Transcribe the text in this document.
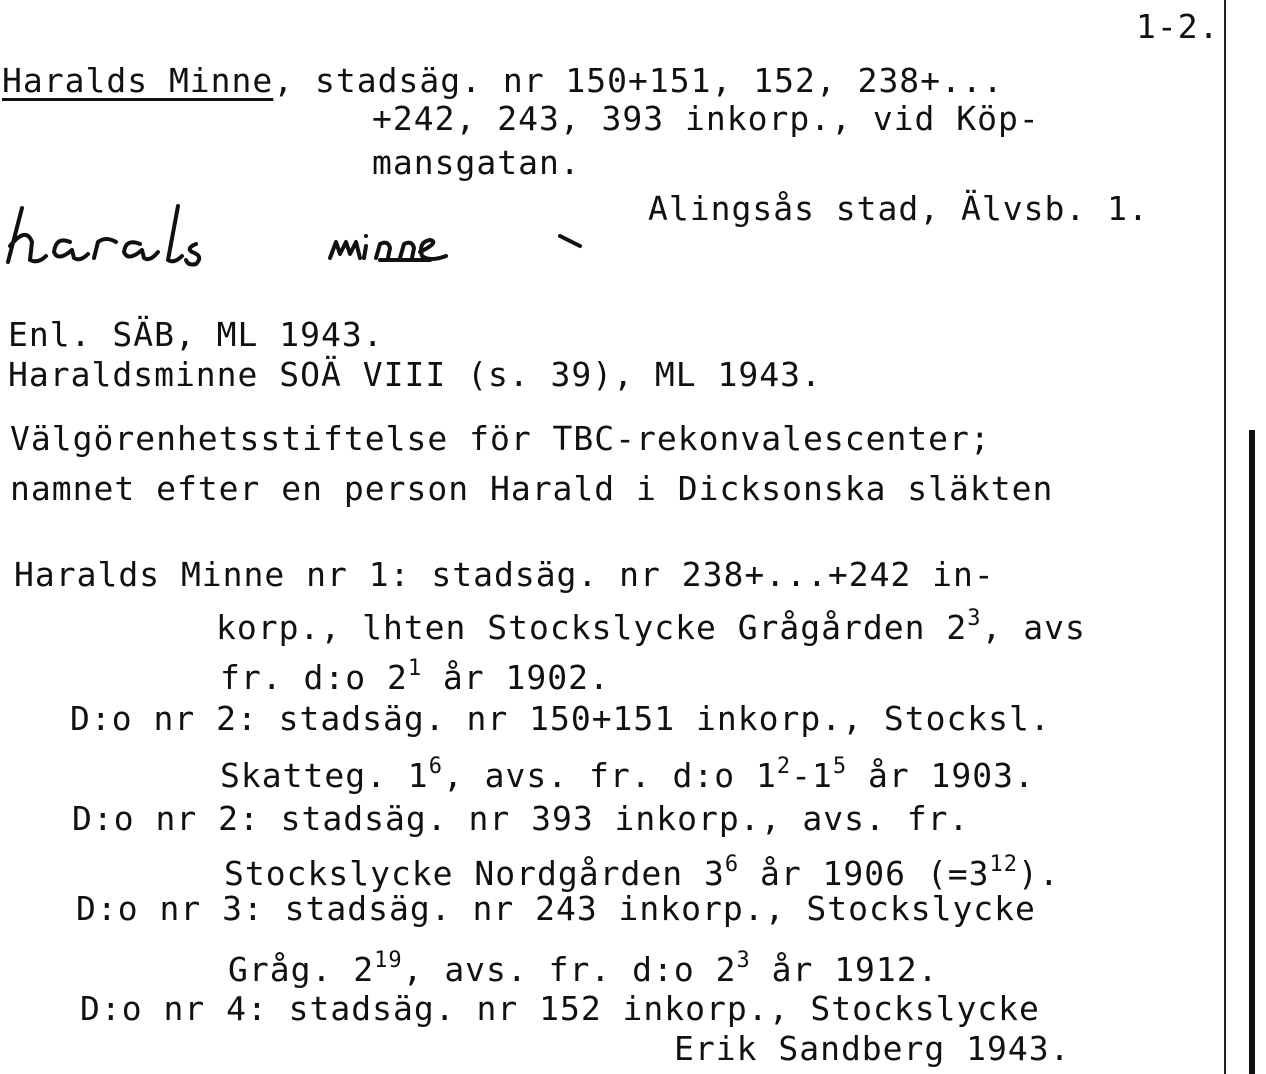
1-2.
Haralds Minne, stadsäg. nr 150+151, 152, 238+...
+242, 243, 393 inkorp., vid Köp-
mansgatan.
Alingsås stad, Älvsb. 1.
Enl. SÄB, ML 1943.
Haraldsminne SOÄ VIII (s. 39), ML 1943.
Välgörenhetsstiftelse för TBC-rekonvalescenter;
namnet efter en person Harald i Dicksonska släkten
Haralds Minne nr 1: stadsäg. nr 238+...+242 in-
korp., lhten Stockslycke Grågården $2^3$, avs
fr. d:o $2^1$ år 1902.
D:o nr 2: stadsäg. nr 150+151 inkorp., Stocksl.
Skatteg. $1^6$, avs. fr. d:o $1^2-1^5$ år 1903.
D:o nr 2: stadsäg. nr 393 inkorp., avs. fr.
Stockslycke Nordgården $3^6$ år 1906 $(=3^{12})$.
D:o nr 3: stadsäg. nr 243 inkorp., Stockslycke
Gråg. $2^{19}$, avs. fr. d:o $2^3$ år 1912.
D:o nr 4: stadsäg. nr 152 inkorp., Stockslycke
Erik Sandberg 1943.
